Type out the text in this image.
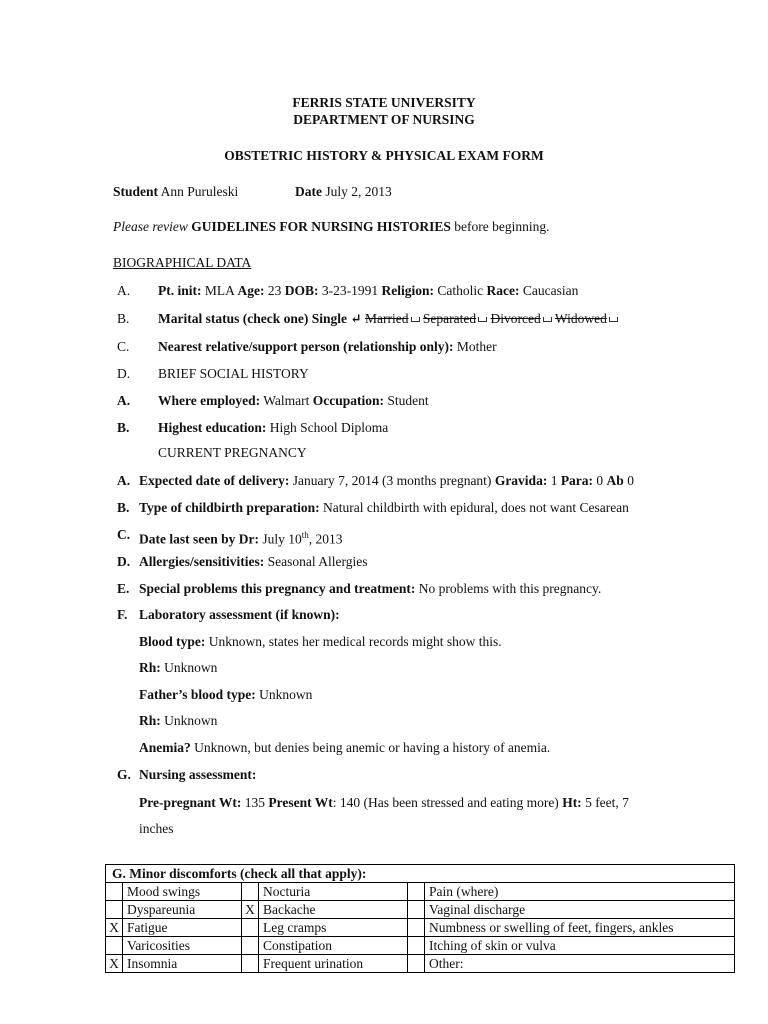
FERRIS STATE UNIVERSITY
DEPARTMENT OF NURSING
OBSTETRIC HISTORY & PHYSICAL EXAM FORM
Student Ann Puruleski	Date July 2, 2013
Please review GUIDELINES FOR NURSING HISTORIES before beginning.
BIOGRAPHICAL DATA
A. Pt. init: MLA Age: 23 DOB: 3-23-1991 Religion: Catholic Race: Caucasian
B. Marital status (check one) Single ↵ Married Separated Divorced Widowed
C. Nearest relative/support person (relationship only): Mother
D. BRIEF SOCIAL HISTORY
A. Where employed: Walmart Occupation: Student
B. Highest education: High School Diploma
CURRENT PREGNANCY
A. Expected date of delivery: January 7, 2014 (3 months pregnant) Gravida: 1 Para: 0 Ab 0
B. Type of childbirth preparation: Natural childbirth with epidural, does not want Cesarean
C. Date last seen by Dr: July 10th, 2013
D. Allergies/sensitivities: Seasonal Allergies
E. Special problems this pregnancy and treatment: No problems with this pregnancy.
F. Laboratory assessment (if known):
Blood type: Unknown, states her medical records might show this.
Rh: Unknown
Father’s blood type: Unknown
Rh: Unknown
Anemia? Unknown, but denies being anemic or having a history of anemia.
G. Nursing assessment:
Pre-pregnant Wt: 135 Present Wt: 140 (Has been stressed and eating more) Ht: 5 feet, 7
inches
G. Minor discomforts (check all that apply):					
	Mood swings		Nocturia		Pain (where)
	Dyspareunia	X	Backache		Vaginal discharge
X	Fatigue		Leg cramps		Numbness or swelling of feet, fingers, ankles
	Varicosities		Constipation		Itching of skin or vulva
X	Insomnia		Frequent urination		Other:
